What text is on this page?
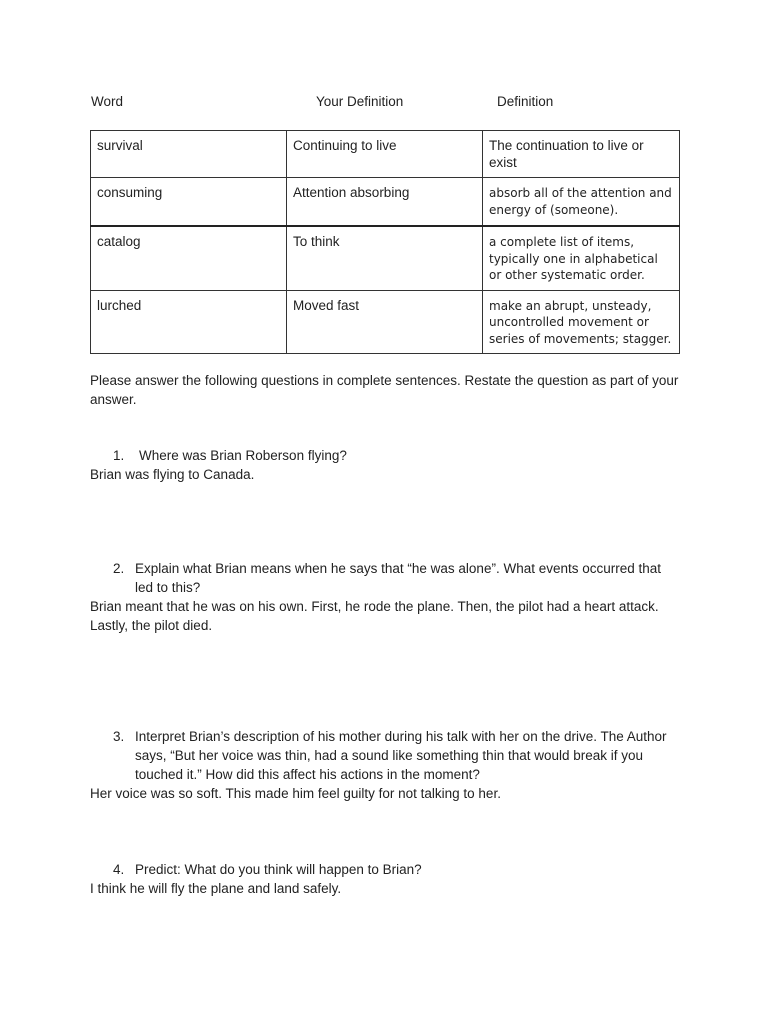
Word	Your Definition	Definition
survival	Continuing to live	The continuation to live or exist
consuming	Attention absorbing	absorb all of the attention and energy of (someone).
catalog	To think	a complete list of items, typically one in alphabetical or other systematic order.
lurched	Moved fast	make an abrupt, unsteady, uncontrolled movement or series of movements; stagger.
Please answer the following questions in complete sentences. Restate the question as part of your answer.
1.	Where was Brian Roberson flying?

Brian was flying to Canada.

2. Explain what Brian means when he says that “he was alone”. What events occurred that led to this?

Brian meant that he was on his own. First, he rode the plane. Then, the pilot had a heart attack. Lastly, the pilot died.

3. Interpret Brian’s description of his mother during his talk with her on the drive. The Author says, “But her voice was thin, had a sound like something thin that would break if you touched it.” How did this affect his actions in the moment?

Her voice was so soft. This made him feel guilty for not talking to her.

4. Predict: What do you think will happen to Brian?

I think he will fly the plane and land safely.
